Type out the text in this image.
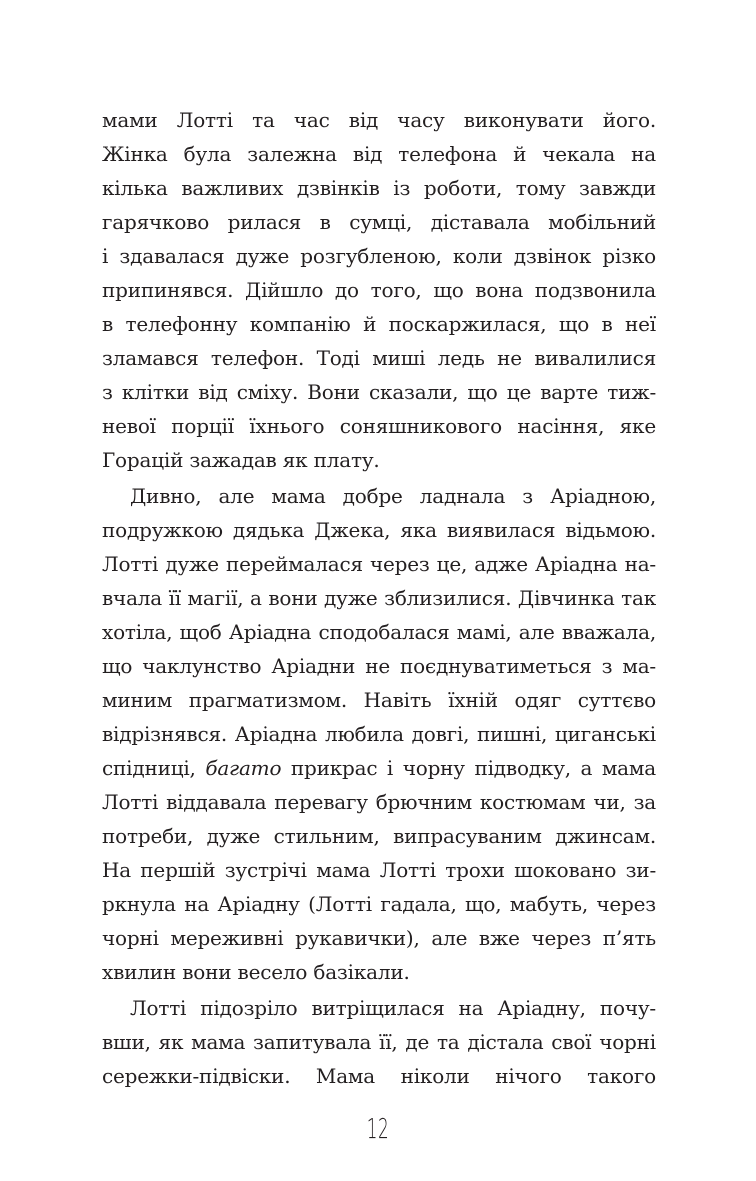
мами Лотті та час від часу виконувати його.
Жінка була залежна від телефона й чекала на
кілька важливих дзвінків із роботи, тому завжди
гарячково рилася в сумці, діставала мобільний
і здавалася дуже розгубленою, коли дзвінок різко
припинявся. Дійшло до того, що вона подзвонила
в телефонну компанію й поскаржилася, що в неї
зламався телефон. Тоді миші ледь не вивалилися
з клітки від сміху. Вони сказали, що це варте тиж-
невої порції їхнього соняшникового насіння, яке
Горацій зажадав як плату.

Дивно, але мама добре ладнала з Аріадною,
подружкою дядька Джека, яка виявилася відьмою.
Лотті дуже переймалася через це, адже Аріадна на-
вчала її магії, а вони дуже зблизилися. Дівчинка так
хотіла, щоб Аріадна сподобалася мамі, але вважала,
що чаклунство Аріадни не поєднуватиметься з ма-
миним прагматизмом. Навіть їхній одяг суттєво
відрізнявся. Аріадна любила довгі, пишні, циганські
спідниці, багато прикрас і чорну підводку, а мама
Лотті віддавала перевагу брючним костюмам чи, за
потреби, дуже стильним, випрасуваним джинсам.
На першій зустрічі мама Лотті трохи шоковано зи-
ркнула на Аріадну (Лотті гадала, що, мабуть, через
чорні мереживні рукавички), але вже через п’ять
хвилин вони весело базікали.

Лотті підозріло витріщилася на Аріадну, почу-
вши, як мама запитувала її, де та дістала свої чорні
сережки-підвіски. Мама ніколи нічого такого

12
